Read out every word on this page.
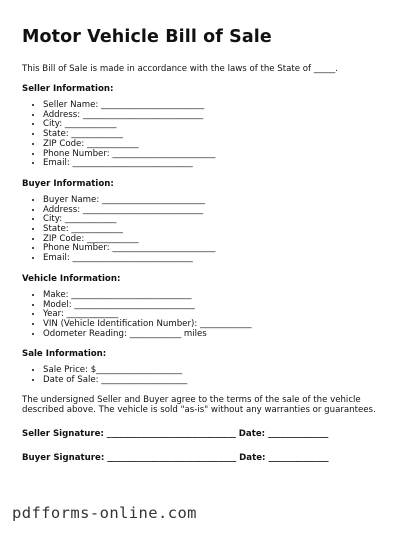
Motor Vehicle Bill of Sale

This Bill of Sale is made in accordance with the laws of the State of _____.

Seller Information:
• Seller Name: ________________________
• Address: ____________________________
• City: ____________
• State: ____________
• ZIP Code: ____________
• Phone Number: ________________________
• Email: ____________________________
Buyer Information:
• Buyer Name: ________________________
• Address: ____________________________
• City: ____________
• State: ____________
• ZIP Code: ____________
• Phone Number: ________________________
• Email: ____________________________
Vehicle Information:
• Make: ____________________________
• Model: ____________________________
• Year: ____________
• VIN (Vehicle Identification Number): ____________
• Odometer Reading: ____________ miles
Sale Information:
• Sale Price: $____________________
• Date of Sale: ____________________

The undersigned Seller and Buyer agree to the terms of the sale of the vehicle described above. The vehicle is sold "as-is" without any warranties or guarantees.

Seller Signature: ______________________________ Date: ______________

Buyer Signature: ______________________________ Date: ______________

pdfforms-online.com
